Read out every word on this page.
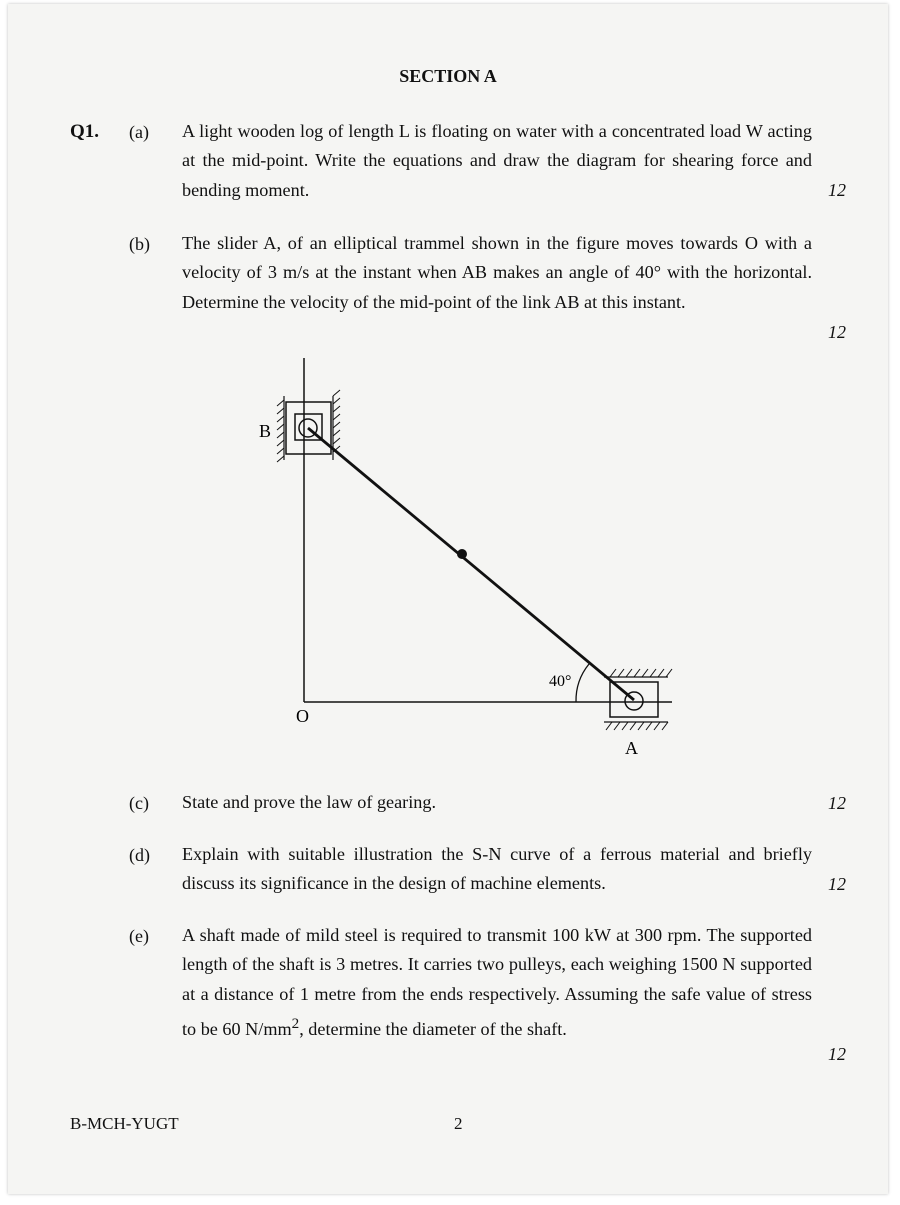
SECTION A
Q1. (a) A light wooden log of length L is floating on water with a concentrated load W acting at the mid-point. Write the equations and draw the diagram for shearing force and bending moment.	12
(b) The slider A, of an elliptical trammel shown in the figure moves towards O with a velocity of 3 m/s at the instant when AB makes an angle of 40° with the horizontal. Determine the velocity of the mid-point of the link AB at this instant.
12
B
O
A
40°
(c) State and prove the law of gearing.	12
(d) Explain with suitable illustration the S-N curve of a ferrous material and briefly discuss its significance in the design of machine elements.	12
(e) A shaft made of mild steel is required to transmit 100 kW at 300 rpm. The supported length of the shaft is 3 metres. It carries two pulleys, each weighing 1500 N supported at a distance of 1 metre from the ends respectively. Assuming the safe value of stress to be 60 $N/mm^2$, determine the diameter of the shaft.
12
B-MCH-YUGT	2
